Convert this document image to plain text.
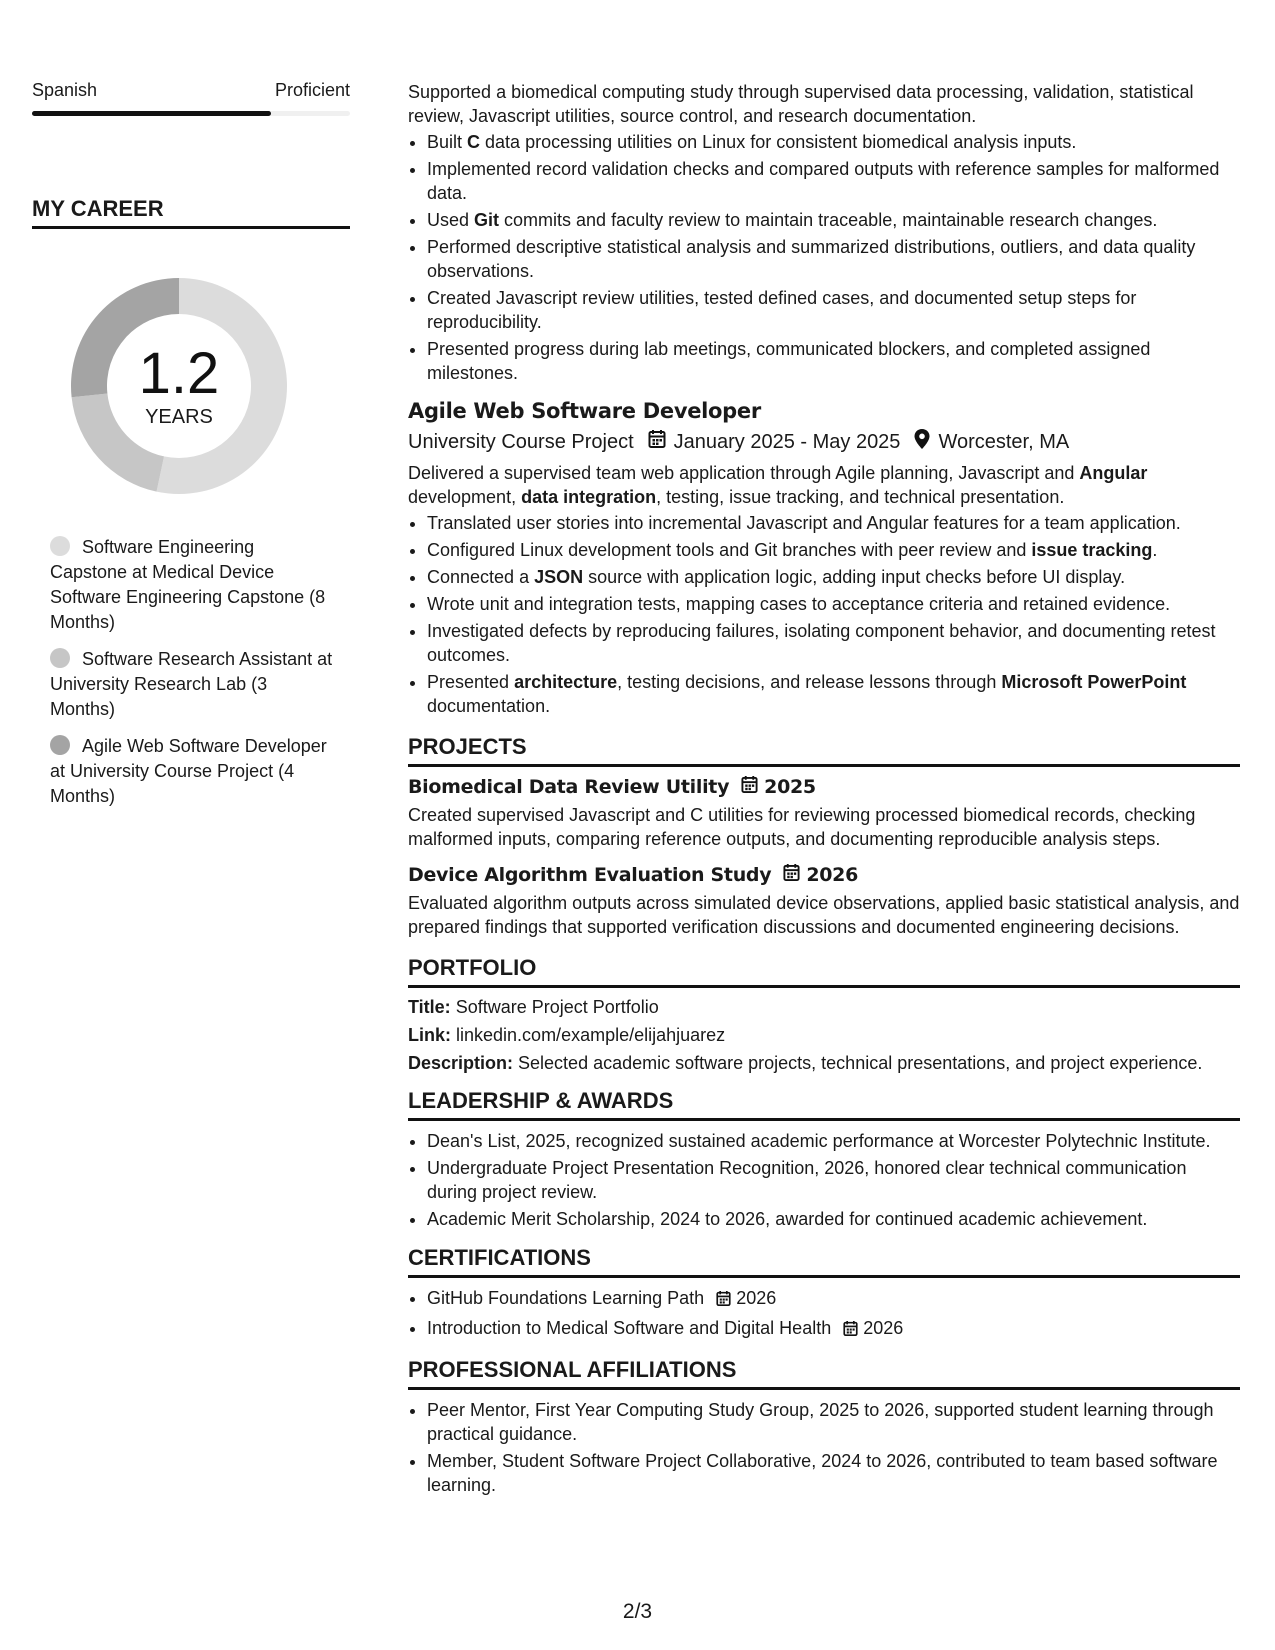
Spanish	Proficient
MY CAREER
1.2
YEARS
Software Engineering Capstone at Medical Device Software Engineering Capstone (8 Months)
Software Research Assistant at University Research Lab (3 Months)
Agile Web Software Developer at University Course Project (4 Months)

Supported a biomedical computing study through supervised data processing, validation, statistical review, Javascript utilities, source control, and research documentation.

• Built C data processing utilities on Linux for consistent biomedical analysis inputs.
• Implemented record validation checks and compared outputs with reference samples for malformed data.
• Used Git commits and faculty review to maintain traceable, maintainable research changes.
• Performed descriptive statistical analysis and summarized distributions, outliers, and data quality observations.
• Created Javascript review utilities, tested defined cases, and documented setup steps for reproducibility.
• Presented progress during lab meetings, communicated blockers, and completed assigned milestones.
Agile Web Software Developer
University Course Project January 2025 - May 2025 Worcester, MA

Delivered a supervised team web application through Agile planning, Javascript and Angular development, data integration, testing, issue tracking, and technical presentation.

• Translated user stories into incremental Javascript and Angular features for a team application.
• Configured Linux development tools and Git branches with peer review and issue tracking.
• Connected a JSON source with application logic, adding input checks before UI display.
• Wrote unit and integration tests, mapping cases to acceptance criteria and retained evidence.
• Investigated defects by reproducing failures, isolating component behavior, and documenting retest outcomes.
• Presented architecture, testing decisions, and release lessons through Microsoft PowerPoint documentation.
PROJECTS
Biomedical Data Review Utility 2025

Created supervised Javascript and C utilities for reviewing processed biomedical records, checking malformed inputs, comparing reference outputs, and documenting reproducible analysis steps.

Device Algorithm Evaluation Study 2026

Evaluated algorithm outputs across simulated device observations, applied basic statistical analysis, and prepared findings that supported verification discussions and documented engineering decisions.

PORTFOLIO

Title: Software Project Portfolio

Link: linkedin.com/example/elijahjuarez

Description: Selected academic software projects, technical presentations, and project experience.

LEADERSHIP & AWARDS
• Dean's List, 2025, recognized sustained academic performance at Worcester Polytechnic Institute.
• Undergraduate Project Presentation Recognition, 2026, honored clear technical communication during project review.
• Academic Merit Scholarship, 2024 to 2026, awarded for continued academic achievement.
CERTIFICATIONS
• GitHub Foundations Learning Path 2026
• Introduction to Medical Software and Digital Health 2026
PROFESSIONAL AFFILIATIONS
• Peer Mentor, First Year Computing Study Group, 2025 to 2026, supported student learning through practical guidance.
• Member, Student Software Project Collaborative, 2024 to 2026, contributed to team based software learning.
2/3
